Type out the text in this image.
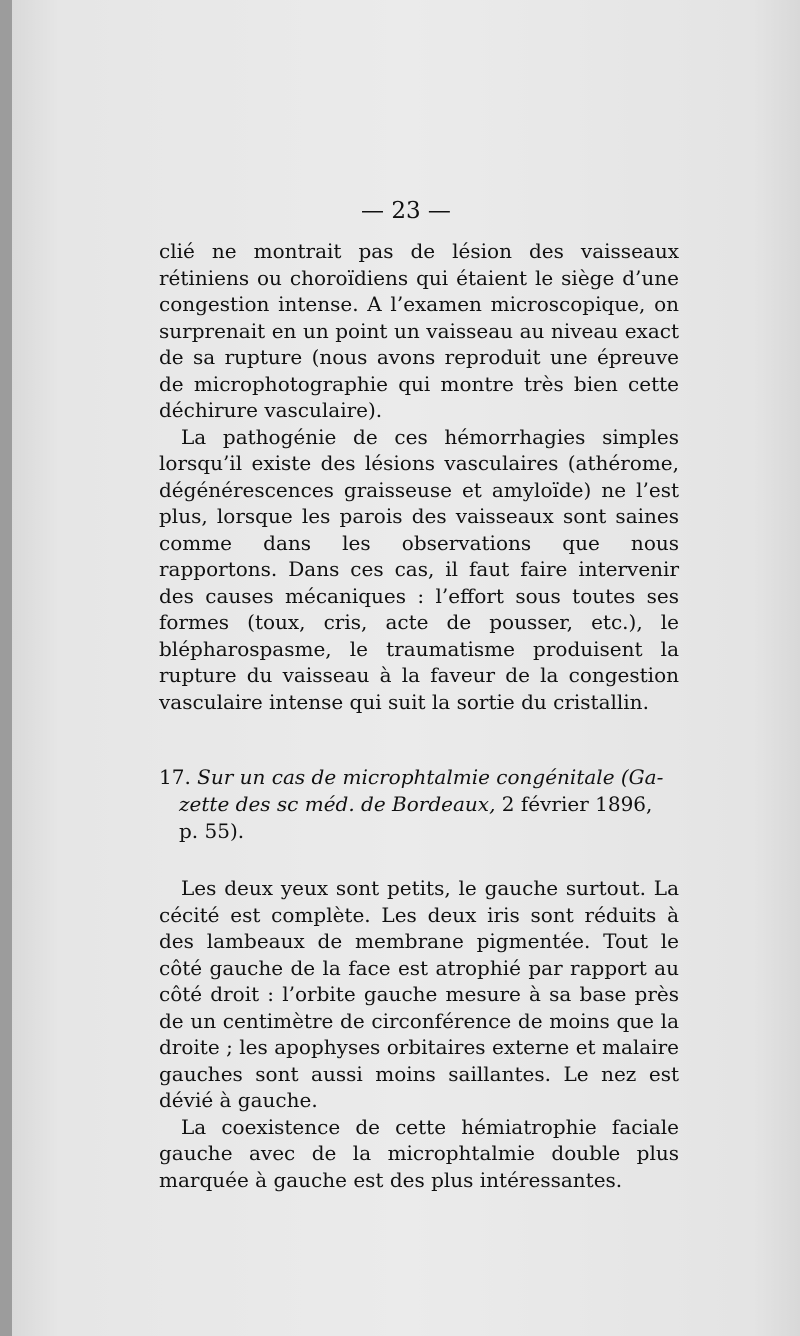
— 23 —

clié ne montrait pas de lésion des vaisseaux rétiniens ou choroïdiens qui étaient le siège d’une congestion intense. A l’examen microscopique, on surprenait en un point un vaisseau au niveau exact de sa rupture (nous avons reproduit une épreuve de microphotographie qui montre très bien cette déchirure vasculaire).

La pathogénie de ces hémorrhagies simples lorsqu’il existe des lésions vasculaires (athérome, dégénérescences graisseuse et amyloïde) ne l’est plus, lorsque les parois des vaisseaux sont saines comme dans les observations que nous rapportons. Dans ces cas, il faut faire intervenir des causes mécaniques : l’effort sous toutes ses formes (toux, cris, acte de pousser, etc.), le blépharospasme, le traumatisme produisent la rupture du vaisseau à la faveur de la congestion vasculaire intense qui suit la sortie du cristallin.

17. Sur un cas de microphtalmie congénitale (Ga-
zette des sc méd. de Bordeaux, 2 février 1896,
p. 55).

Les deux yeux sont petits, le gauche surtout. La cécité est complète. Les deux iris sont réduits à des lambeaux de membrane pigmentée. Tout le côté gauche de la face est atrophié par rapport au côté droit : l’orbite gauche mesure à sa base près de un centimètre de circonférence de moins que la droite ; les apophyses orbitaires externe et malaire gauches sont aussi moins saillantes. Le nez est dévié à gauche.

La coexistence de cette hémiatrophie faciale gauche avec de la microphtalmie double plus marquée à gauche est des plus intéressantes.
